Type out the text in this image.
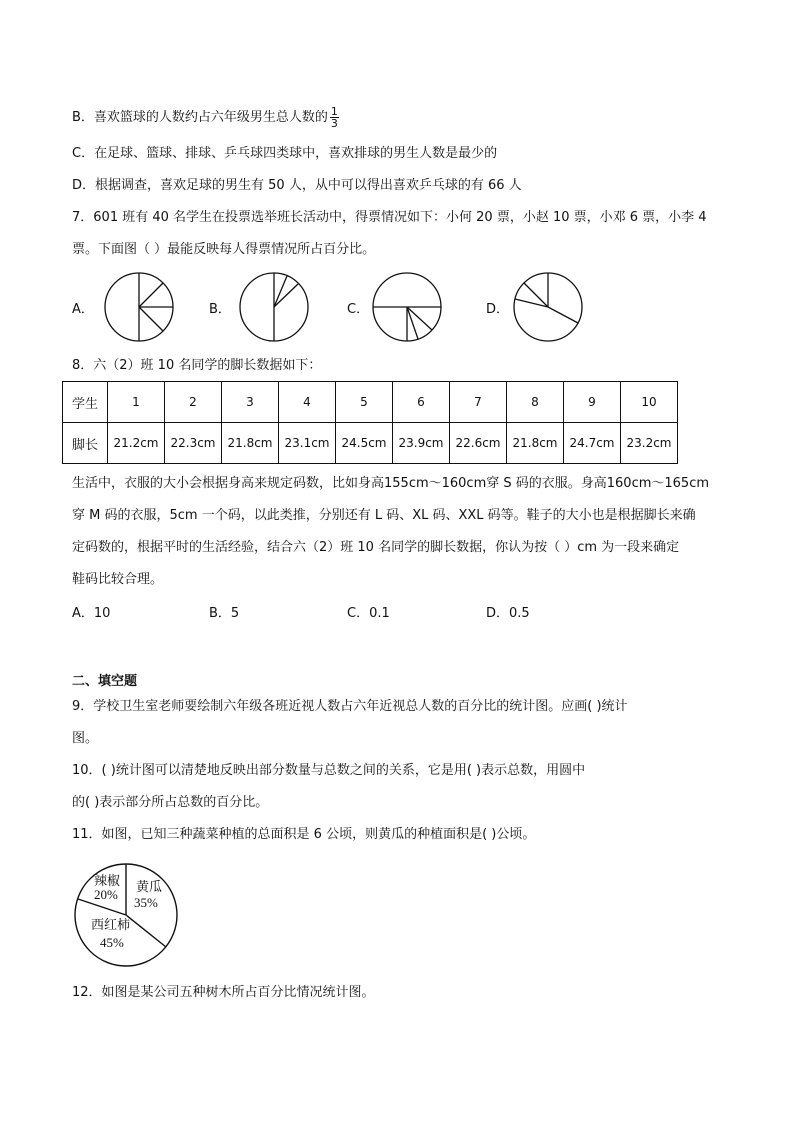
B．喜欢篮球的人数约占六年级男生总人数的 $\frac{1}{3}$
C．在足球、篮球、排球、乒乓球四类球中，喜欢排球的男生人数是最少的
D．根据调查，喜欢足球的男生有 50 人，从中可以得出喜欢乒乓球的有 66 人
7．601 班有 40 名学生在投票选举班长活动中，得票情况如下：小何 20 票，小赵 10 票，小邓 6 票，小李 4
票。下面图（ ）最能反映每人得票情况所占百分比。
A．	B．	C．	D．
8．六（2）班 10 名同学的脚长数据如下：
学生	1	2	3	4	5	6	7	8	9	10
脚长	21.2cm	22.3cm	21.8cm	23.1cm	24.5cm	23.9cm	22.6cm	21.8cm	24.7cm	23.2cm
生活中，衣服的大小会根据身高来规定码数，比如身高155cm～160cm穿 S 码的衣服。身高160cm～165cm
穿 M 码的衣服，5cm 一个码，以此类推，分别还有 L 码、XL 码、XXL 码等。鞋子的大小也是根据脚长来确
定码数的，根据平时的生活经验，结合六（2）班 10 名同学的脚长数据，你认为按（ ）cm 为一段来确定
鞋码比较合理。
A．10	B．5	C．0.1	D．0.5
二、填空题
9．学校卫生室老师要绘制六年级各班近视人数占六年近视总人数的百分比的统计图。应画( )统计
图。
10．( )统计图可以清楚地反映出部分数量与总数之间的关系，它是用( )表示总数，用圆中
的( )表示部分所占总数的百分比。
11．如图，已知三种蔬菜种植的总面积是 6 公顷，则黄瓜的种植面积是( )公顷。
辣椒
20%
黄瓜
35%
西红柿
45%
12．如图是某公司五种树木所占百分比情况统计图。
